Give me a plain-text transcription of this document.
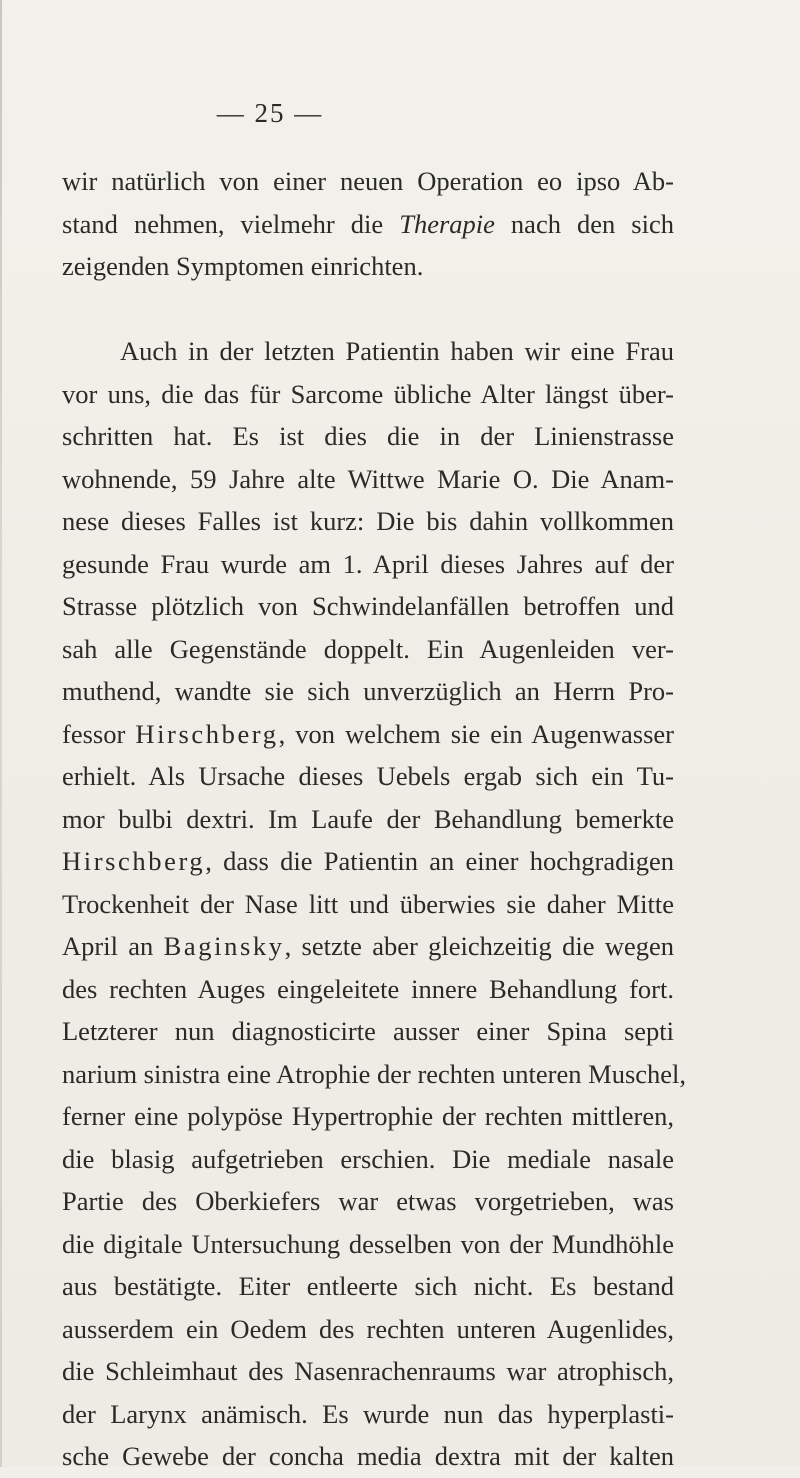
— 25 —
wir natürlich von einer neuen Operation eo ipso Ab-
stand nehmen, vielmehr die Therapie nach den sich
zeigenden Symptomen einrichten.
Auch in der letzten Patientin haben wir eine Frau
vor uns, die das für Sarcome übliche Alter längst über-
schritten hat. Es ist dies die in der Linienstrasse
wohnende, 59 Jahre alte Wittwe Marie O. Die Anam-
nese dieses Falles ist kurz: Die bis dahin vollkommen
gesunde Frau wurde am 1. April dieses Jahres auf der
Strasse plötzlich von Schwindelanfällen betroffen und
sah alle Gegenstände doppelt. Ein Augenleiden ver-
muthend, wandte sie sich unverzüglich an Herrn Pro-
fessor Hirschberg, von welchem sie ein Augenwasser
erhielt. Als Ursache dieses Uebels ergab sich ein Tu-
mor bulbi dextri. Im Laufe der Behandlung bemerkte
Hirschberg, dass die Patientin an einer hochgradigen
Trockenheit der Nase litt und überwies sie daher Mitte
April an Baginsky, setzte aber gleichzeitig die wegen
des rechten Auges eingeleitete innere Behandlung fort.
Letzterer nun diagnosticirte ausser einer Spina septi
narium sinistra eine Atrophie der rechten unteren Muschel,
ferner eine polypöse Hypertrophie der rechten mittleren,
die blasig aufgetrieben erschien. Die mediale nasale
Partie des Oberkiefers war etwas vorgetrieben, was
die digitale Untersuchung desselben von der Mundhöhle
aus bestätigte. Eiter entleerte sich nicht. Es bestand
ausserdem ein Oedem des rechten unteren Augenlides,
die Schleimhaut des Nasenrachenraums war atrophisch,
der Larynx anämisch. Es wurde nun das hyperplasti-
sche Gewebe der concha media dextra mit der kalten
